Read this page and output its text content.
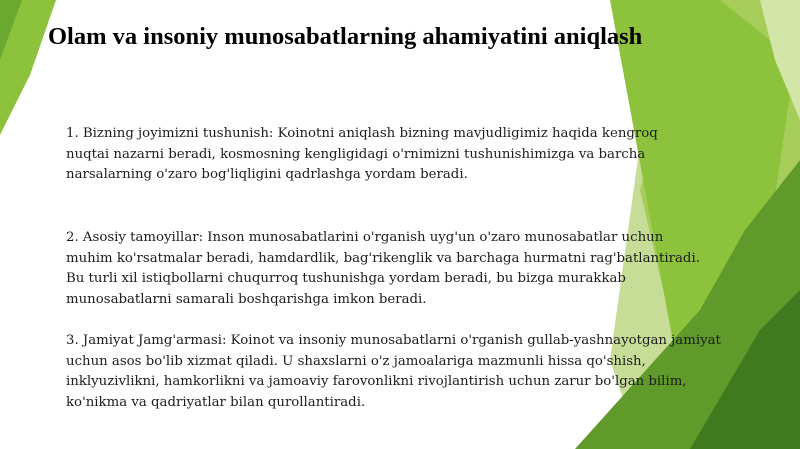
Olam va insoniy munosabatlarning ahamiyatini aniqlash

1. Bizning joyimizni tushunish: Koinotni aniqlash bizning mavjudligimiz haqida kengroq
nuqtai nazarni beradi, kosmosning kengligidagi o'rnimizni tushunishimizga va barcha
narsalarning o'zaro bog'liqligini qadrlashga yordam beradi.

2. Asosiy tamoyillar: Inson munosabatlarini o'rganish uyg'un o'zaro munosabatlar uchun
muhim ko'rsatmalar beradi, hamdardlik, bag'rikenglik va barchaga hurmatni rag'batlantiradi.
Bu turli xil istiqbollarni chuqurroq tushunishga yordam beradi, bu bizga murakkab
munosabatlarni samarali boshqarishga imkon beradi.

3. Jamiyat Jamg'armasi: Koinot va insoniy munosabatlarni o'rganish gullab-yashnayotgan jamiyat
uchun asos bo'lib xizmat qiladi. U shaxslarni o'z jamoalariga mazmunli hissa qo'shish,
inklyuzivlikni, hamkorlikni va jamoaviy farovonlikni rivojlantirish uchun zarur bo'lgan bilim,
ko'nikma va qadriyatlar bilan qurollantiradi.
